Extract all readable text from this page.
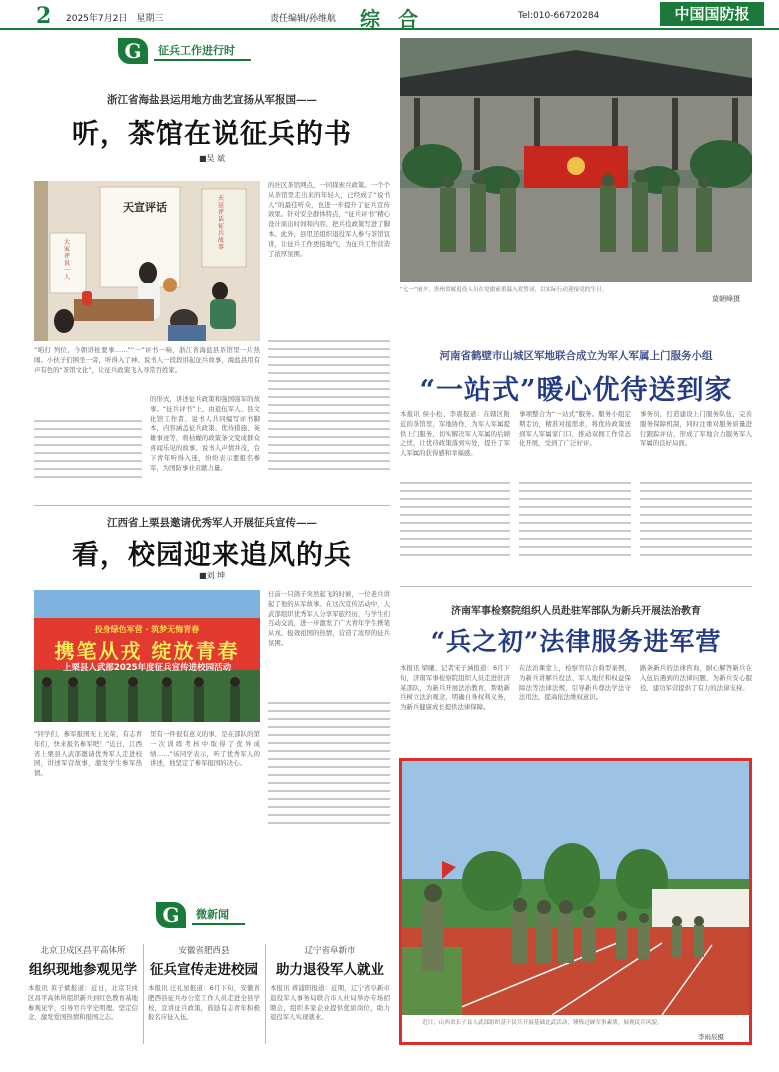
2 2025年7月2日　星期三	责任编辑/孙维航 综合	Tel:010-66720284	中国国防报
G	征兵工作进行时
浙江省海盐县运用地方曲艺宣扬从军报国——
听，茶馆在说征兵的书
■吴 斌
天宣评话
天宣评话 征兵故事
大家评说一人
“咱打 列位，今朝讲桩要事……”“一”评书一响，浙江省海盐县茶馆里一片热闹。小伙子们围坐一旁，听得入了神。说书人一段段讲起征兵故事，海盐县用有声有色的“茶馆文化”，让征兵政策飞入寻常百姓家。
的形式，讲述征兵政策和强国强军的故事。“征兵评书”上，由退伍军人、县文化馆工作者、说书人共同编写评书脚本，内容涵盖征兵政策、优待措施、英雄事迹等，将枯燥的政策条文变成群众喜闻乐见的故事。说书人声情并茂，台下青年听得入迷，纷纷表示要报名参军，为国防事业贡献力量。
的社区茶馆网点，一同探索兵政策。一个个从茶馆里走出来的年轻人，已经成了“说书人”的最佳听众，也进一步提升了征兵宣传效果。针对安全群体特点，“征兵评书”精心设计演出时间和内容，把兵役政策写进了脚本。此外，县里还组织退役军人参与茶馆宣讲，让征兵工作更接地气，为征兵工作营造了浓厚氛围。
江西省上栗县邀请优秀军人开展征兵宣传——
看，校园迎来追风的兵
■刘 坤
投身绿色军营 · 筑梦无悔青春
携笔从戎 绽放青春
上栗县人武部2025年度征兵宣传进校园活动
“同学们，参军报国无上光荣，有志青年们，快来报名参军吧！”近日，江西省上栗县人武部邀请优秀军人走进校园，讲述军营故事，激发学生参军热情。
里有一件很有意义的事，是在部队的第一次训练考核中取得了优异成绩……”该同学表示，听了优秀军人的讲述，他坚定了参军报国的决心。
日前一只鸽子突然起飞的时候，一位老兵讲起了他的从军故事。在这次宣传活动中，人武部组织优秀军人分享军旅经历，与学生们互动交流，进一步激发了广大青年学生携笔从戎、报效祖国的热情，营造了浓厚的征兵氛围。
“七一”前夕，贵州省属退役人员在党旗前重温入党誓词，以实际行动迎接党的生日。
莫朝峰摄
河南省鹤壁市山城区军地联合成立为军人军属上门服务小组
“一站式”暖心优待送到家
本报讯 侯小松、李震报道：在辖区附近的茶馆里，军地协作，为军人军属提供上门服务，切实解决军人军属的后顾之忧，让优待政策落到实处，提升了军人军属的获得感和幸福感。
事项整合为“一站式”服务。服务小组定期走访，精准对接需求，将优待政策送到军人军属家门口，推动双拥工作常态化开展，受到了广泛好评。
事务员，打造建设上门服务队伍，完善服务保障机制，同时注重对服务质量进行跟踪评估，形成了军地合力服务军人军属的良好局面。
济南军事检察院组织人员赴驻军部队为新兵开展法治教育
“兵之初”法律服务进军营
本报讯 梁曦、记者宋子涵报道：6月下旬，济南军事检察院组织人员走进驻济某部队，为新兵开展法治教育，帮助新兵树立法治观念，明确自身权利义务，为新兵健康成长提供法律保障。
在法治课堂上，检察官结合典型案例，为新兵讲解兵役法、军人地位和权益保障法等法律法规，引导新兵尊法学法守法用法，提高依法维权意识。
路条新兵的法律咨询，耐心解答新兵在入伍后遇到的法律问题，为新兵安心服役、建功军营提供了有力的法律支持。
近日，山西省长子县人武部组织基干民兵开展基础比武活动，锤炼过硬军事素质，展现民兵风貌。
李雨辰摄
G	微新闻
北京卫戍区昌平高体所
组织现地参观见学
本报讯 黄子斌报道：近日，北京卫戍区昌平高体所组织新兵到红色教育基地参观见学，引导官兵学史明理、坚定信念，激发爱国热情和报国之志。
安徽省肥西县
征兵宣传走进校园
本报讯 汪礼星报道：6月下旬，安徽省肥西县征兵办公室工作人员走进全县学校，宣讲征兵政策，鼓励有志青年积极报名应征入伍。
辽宁省阜新市
助力退役军人就业
本报讯 蒋浦阳报道：近期，辽宁省阜新市退役军人事务局联合市人社局举办专场招聘会，组织多家企业提供优质岗位，助力退役军人实现就业。
